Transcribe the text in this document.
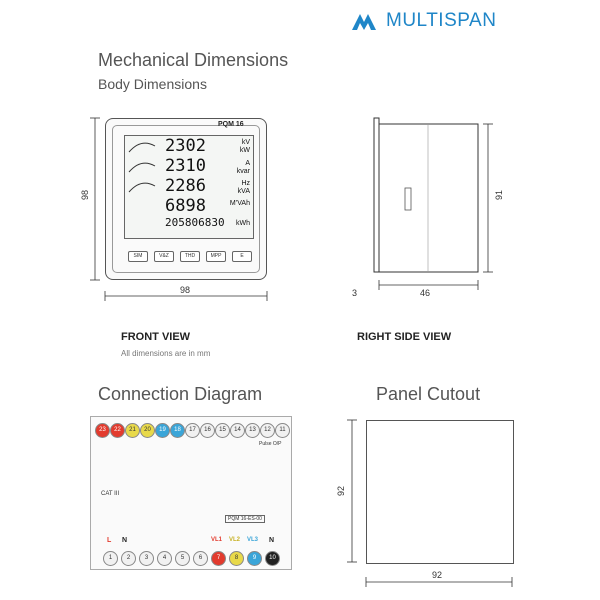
MULTISPAN
Mechanical Dimensions
Body Dimensions
PQM 16
2302	kV
kW
2310	A
kvar
2286	Hz
kVA
6898	M’VAh
205806830 kWh
SIM	V&Z	THD	MPP	E
98
98
91
46
3
FRONT VIEW
All dimensions are in mm
RIGHT SIDE VIEW
Connection Diagram
23	22	21	20	19	18	17	16	15	14	13	12	11
Pulse O/P
CAT III
PQM 16-ES-00
L N	VL1 VL2 VL3 N
1	2	3	4	5	6	7	8	9	10
Panel Cutout
92
92
